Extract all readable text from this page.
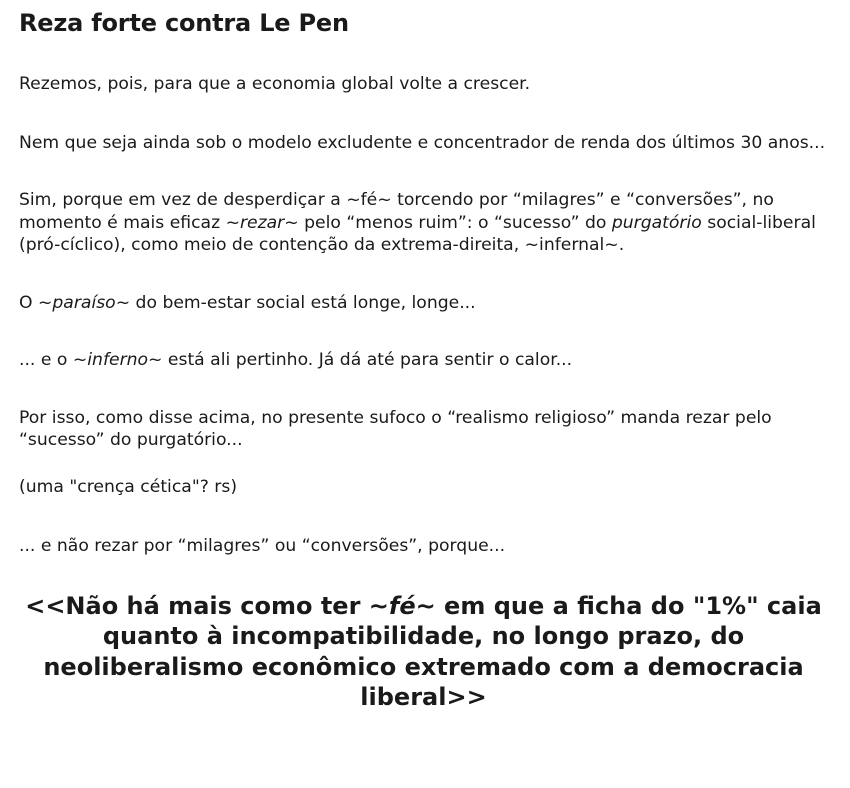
Reza forte contra Le Pen

Rezemos, pois, para que a economia global volte a crescer.

Nem que seja ainda sob o modelo excludente e concentrador de renda dos últimos 30 anos...

Sim, porque em vez de desperdiçar a ~fé~ torcendo por “milagres” e “conversões”, no momento é mais eficaz ~rezar~ pelo “menos ruim”: o “sucesso” do purgatório social-liberal (pró-cíclico), como meio de contenção da extrema-direita, ~infernal~.

O ~paraíso~ do bem-estar social está longe, longe...

... e o ~inferno~ está ali pertinho. Já dá até para sentir o calor...

Por isso, como disse acima, no presente sufoco o “realismo religioso” manda rezar pelo “sucesso” do purgatório...

(uma "crença cética"? rs)

... e não rezar por “milagres” ou “conversões”, porque...

<<Não há mais como ter ~fé~ em que a ficha do "1%" caia quanto à incompatibilidade, no longo prazo, do neoliberalismo econômico extremado com a democracia liberal>>
